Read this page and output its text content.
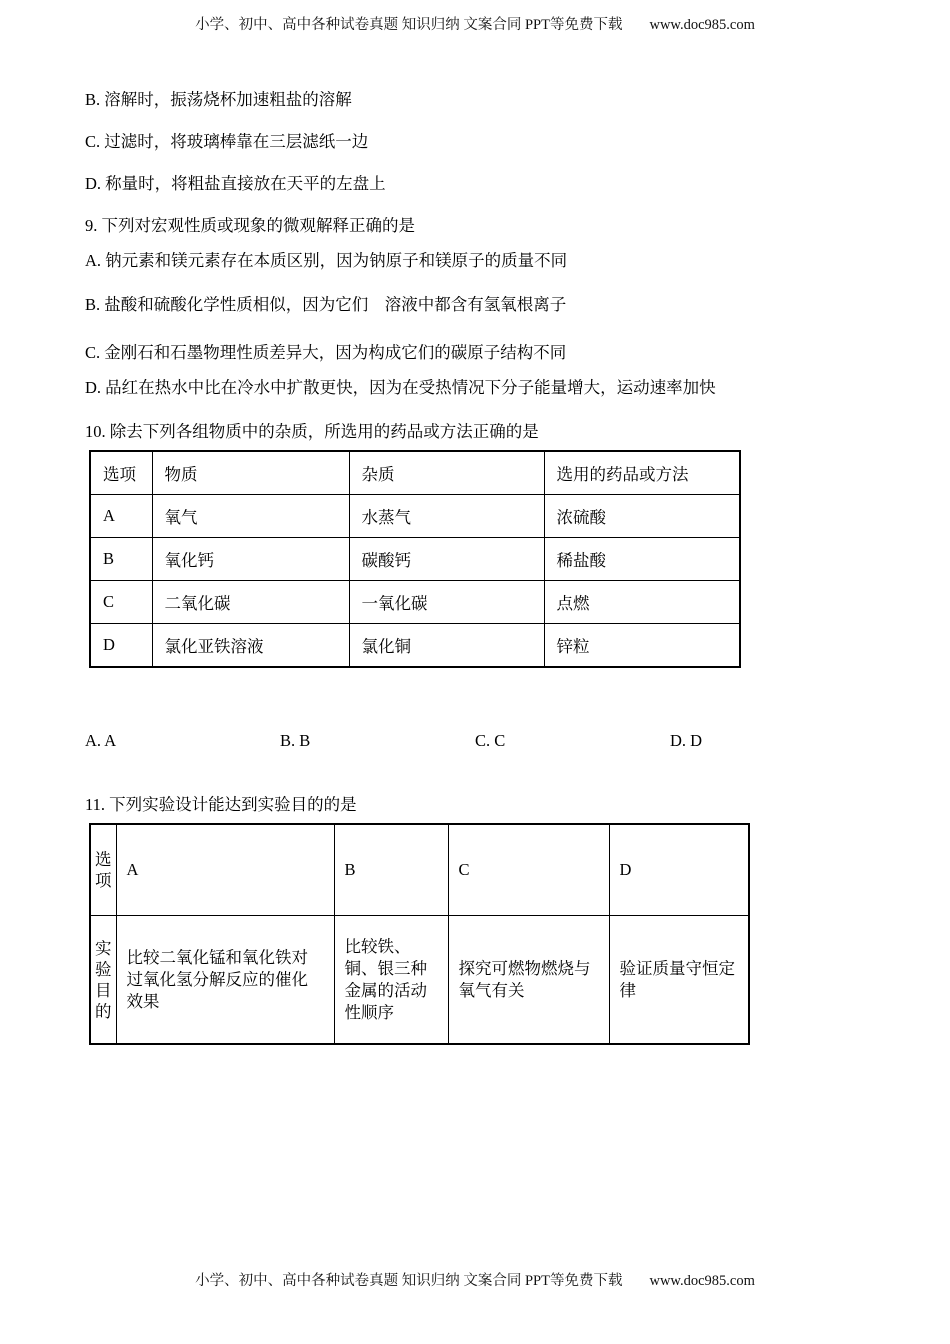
小学、初中、高中各种试卷真题 知识归纳 文案合同 PPT等免费下载 www.doc985.com
B. 溶解时，振荡烧杯加速粗盐的溶解
C. 过滤时，将玻璃棒靠在三层滤纸一边
D. 称量时，将粗盐直接放在天平的左盘上
9. 下列对宏观性质或现象的微观解释正确的是
A. 钠元素和镁元素存在本质区别，因为钠原子和镁原子的质量不同
B. 盐酸和硫酸化学性质相似，因为它们　溶液中都含有氢氧根离子
C. 金刚石和石墨物理性质差异大，因为构成它们的碳原子结构不同
D. 品红在热水中比在冷水中扩散更快，因为在受热情况下分子能量增大，运动速率加快
10. 除去下列各组物质中的杂质，所选用的药品或方法正确的是
选项	物质	杂质	选用的药品或方法
A	氧气	水蒸气	浓硫酸
B	氧化钙	碳酸钙	稀盐酸
C	二氧化碳	一氧化碳	点燃
D	氯化亚铁溶液	氯化铜	锌粒
A. A	B. B	C. C	D. D
11. 下列实验设计能达到实验目的的是
选项	A	B	C	D
实验目的	比较二氧化锰和氧化铁对过氧化氢分解反应的催化效果	比较铁、铜、银三种金属的活动性顺序	探究可燃物燃烧与氧气有关	验证质量守恒定律
小学、初中、高中各种试卷真题 知识归纳 文案合同 PPT等免费下载 www.doc985.com
